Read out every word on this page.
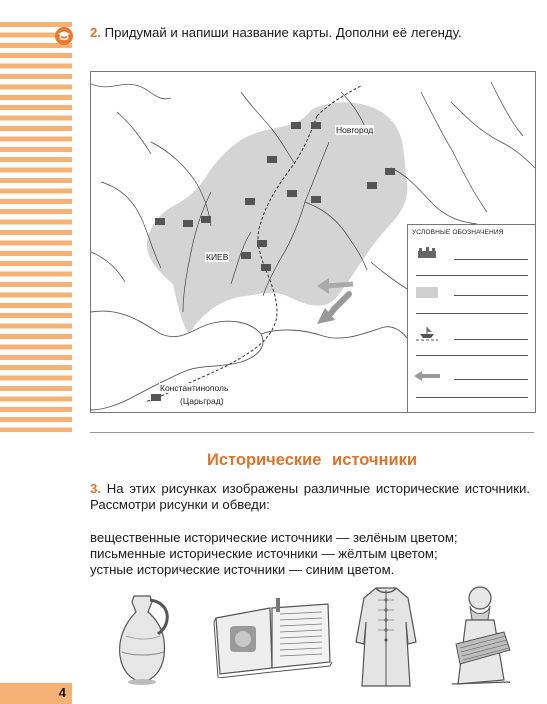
2. Придумай и напиши название карты. Дополни её легенду.
Новгород
КИЕВ
Константинополь
(Царьград)
УСЛОВНЫЕ ОБОЗНАЧЕНИЯ
Исторические источники
3. На этих рисунках изображены различные исторические источники. Рассмотри рисунки и обведи:
вещественные исторические источники — зелёным цветом;
письменные исторические источники — жёлтым цветом;
устные исторические источники — синим цветом.
4
